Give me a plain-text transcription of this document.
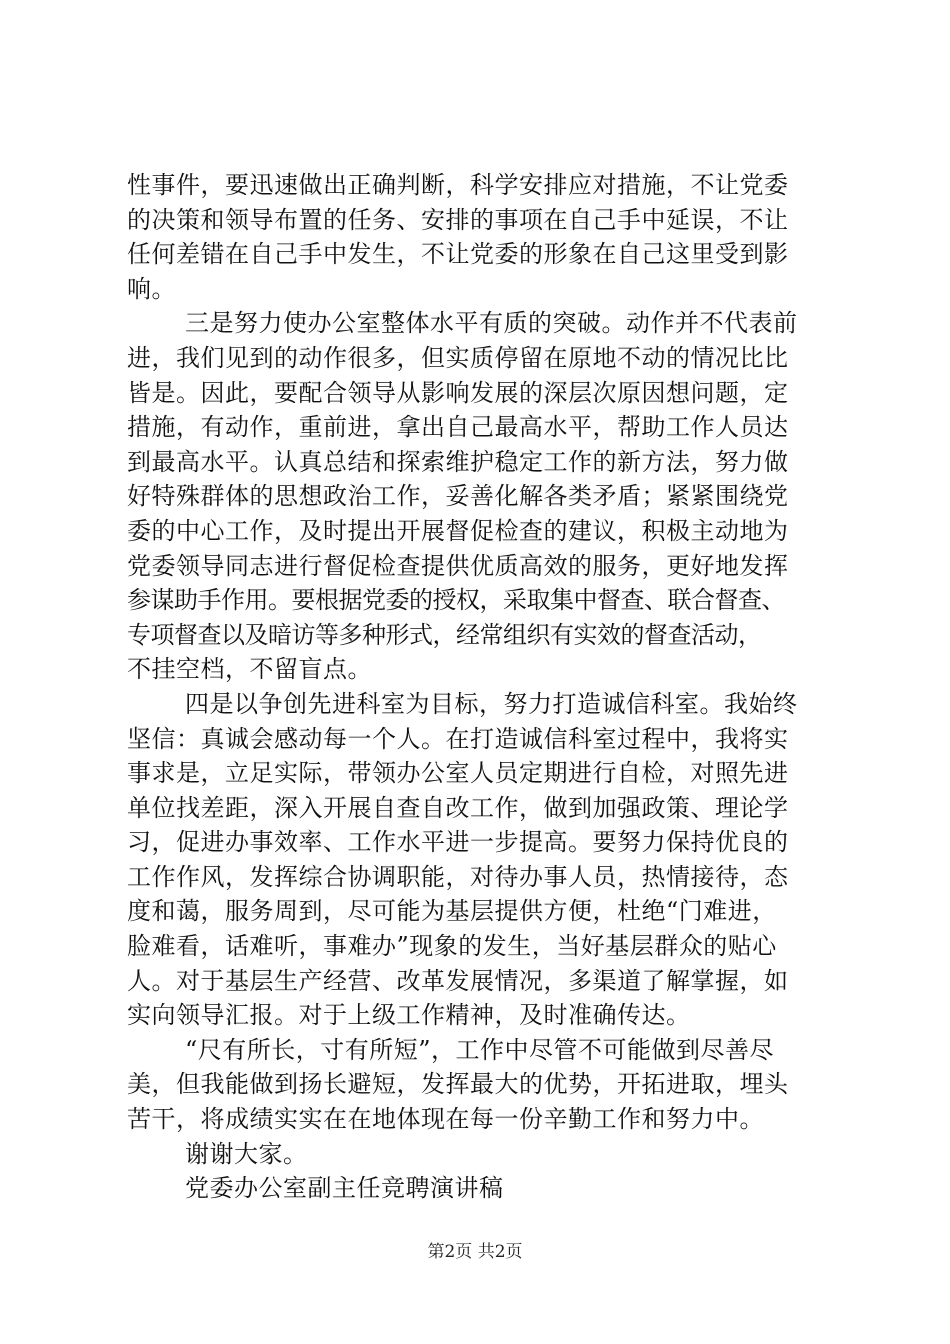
性事件，要迅速做出正确判断，科学安排应对措施，不让党委
的决策和领导布置的任务、安排的事项在自己手中延误，不让
任何差错在自己手中发生，不让党委的形象在自己这里受到影
响。
三是努力使办公室整体水平有质的突破。动作并不代表前
进，我们见到的动作很多，但实质停留在原地不动的情况比比
皆是。因此，要配合领导从影响发展的深层次原因想问题，定
措施，有动作，重前进，拿出自己最高水平，帮助工作人员达
到最高水平。认真总结和探索维护稳定工作的新方法，努力做
好特殊群体的思想政治工作，妥善化解各类矛盾；紧紧围绕党
委的中心工作，及时提出开展督促检查的建议，积极主动地为
党委领导同志进行督促检查提供优质高效的服务，更好地发挥
参谋助手作用。要根据党委的授权，采取集中督查、联合督查、
专项督查以及暗访等多种形式，经常组织有实效的督查活动，
不挂空档，不留盲点。
四是以争创先进科室为目标，努力打造诚信科室。我始终
坚信：真诚会感动每一个人。在打造诚信科室过程中，我将实
事求是，立足实际，带领办公室人员定期进行自检，对照先进
单位找差距，深入开展自查自改工作，做到加强政策、理论学
习，促进办事效率、工作水平进一步提高。要努力保持优良的
工作作风，发挥综合协调职能，对待办事人员，热情接待，态
度和蔼，服务周到，尽可能为基层提供方便，杜绝“门难进，
脸难看，话难听，事难办”现象的发生，当好基层群众的贴心
人。对于基层生产经营、改革发展情况，多渠道了解掌握，如
实向领导汇报。对于上级工作精神，及时准确传达。
“尺有所长，寸有所短”，工作中尽管不可能做到尽善尽
美，但我能做到扬长避短，发挥最大的优势，开拓进取，埋头
苦干，将成绩实实在在地体现在每一份辛勤工作和努力中。
谢谢大家。
党委办公室副主任竞聘演讲稿
第2页 共2页
